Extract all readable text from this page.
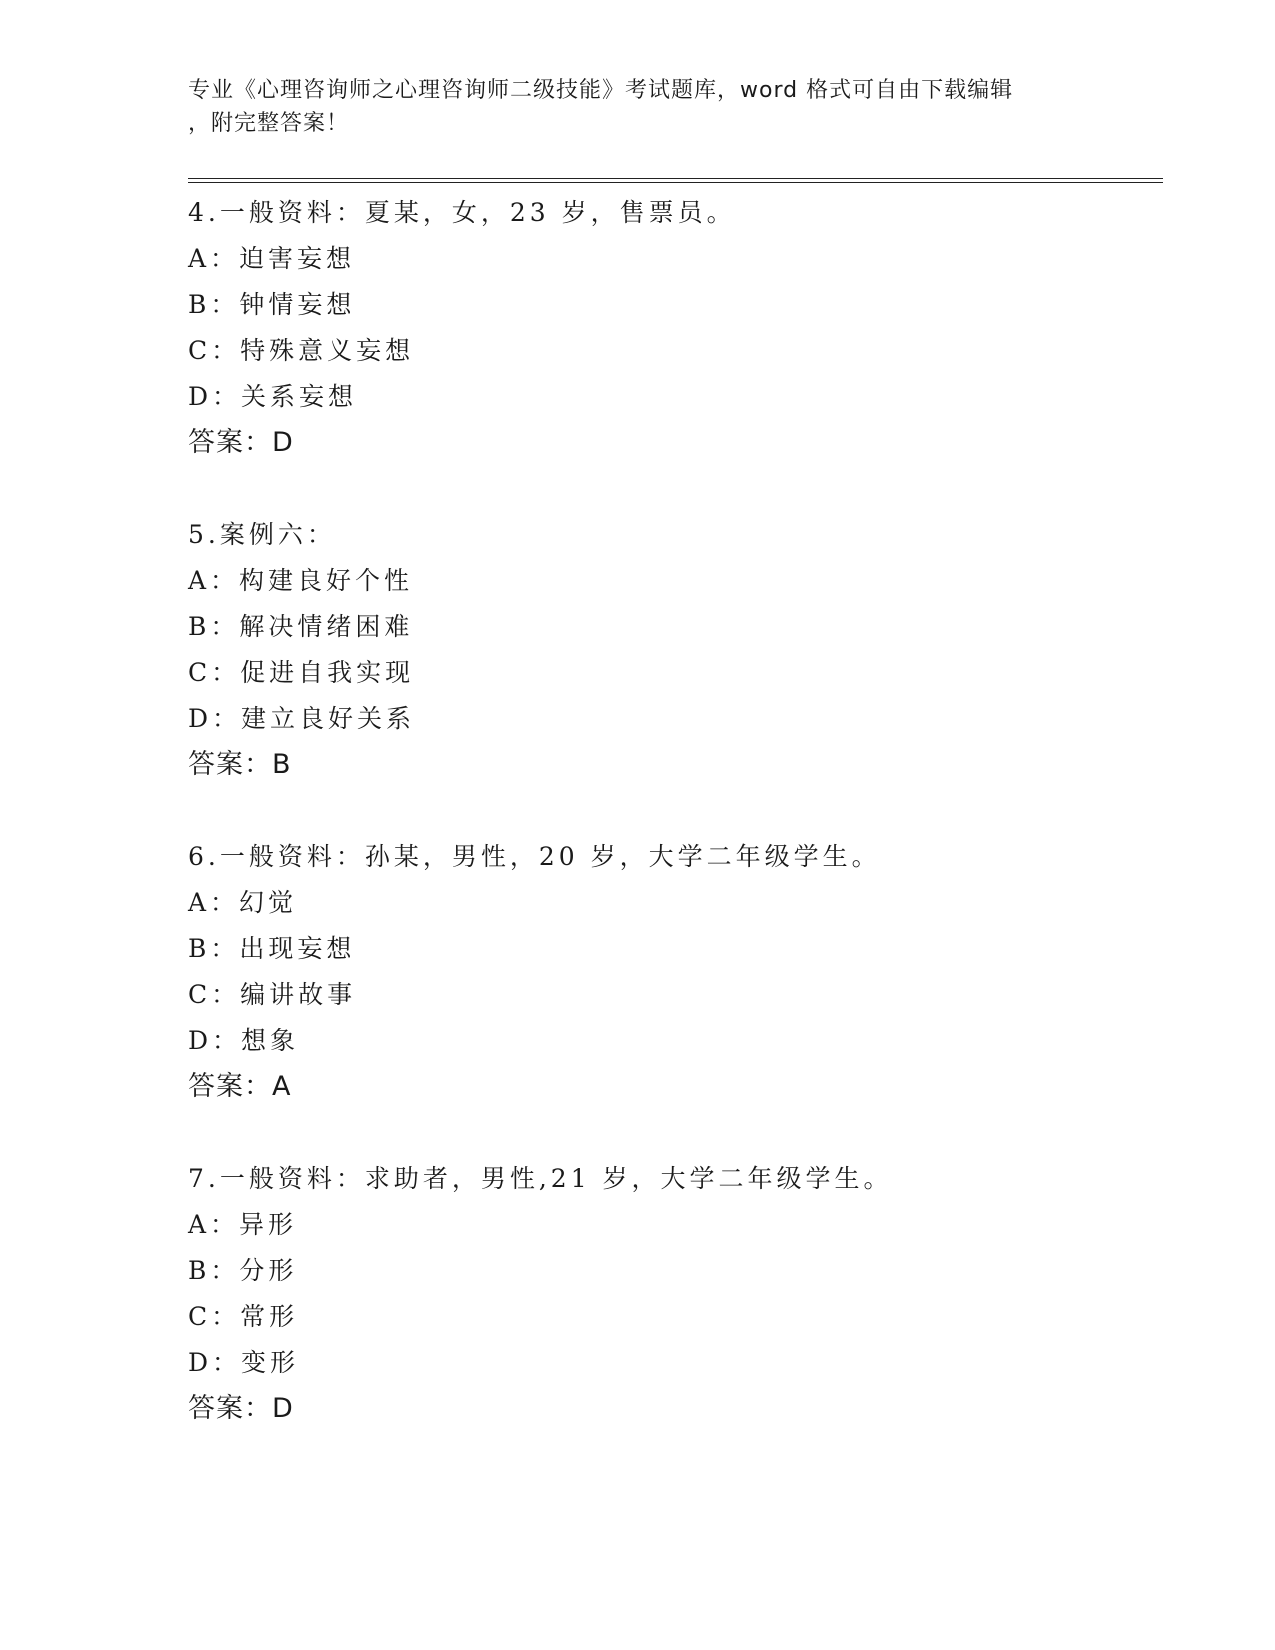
专业《心理咨询师之心理咨询师二级技能》考试题库，word 格式可自由下载编辑

，附完整答案！

4.一般资料：夏某，女，23 岁，售票员。
A：迫害妄想
B：钟情妄想
C：特殊意义妄想
D：关系妄想
答案：D
5.案例六：
A：构建良好个性
B：解决情绪困难
C：促进自我实现
D：建立良好关系
答案：B
6.一般资料：孙某，男性，20 岁，大学二年级学生。
A：幻觉
B：出现妄想
C：编讲故事
D：想象
答案：A
7.一般资料：求助者，男性,21 岁，大学二年级学生。
A：异形
B：分形
C：常形
D：变形
答案：D
